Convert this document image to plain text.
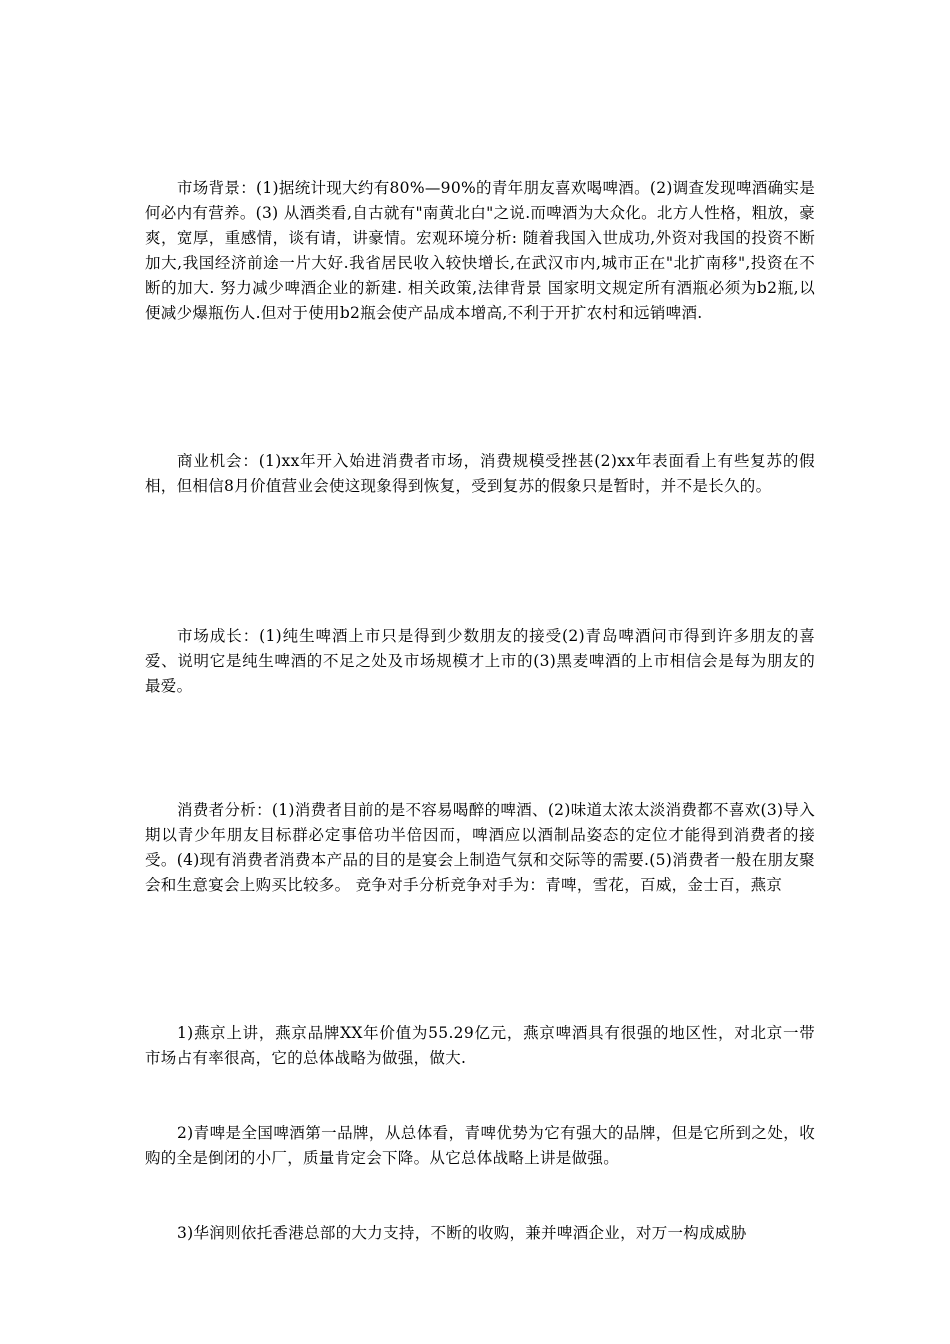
市场背景：(1)据统计现大约有80%—90%的青年朋友喜欢喝啤酒。(2)调查发现啤酒确实是何必内有营养。(3) 从酒类看,自古就有"南黄北白"之说.而啤酒为大众化。北方人性格，粗放，豪爽，宽厚，重感情，谈有请，讲豪情。宏观环境分析: 随着我国入世成功,外资对我国的投资不断加大,我国经济前途一片大好.我省居民收入较快增长,在武汉市内,城市正在"北扩南移",投资在不断的加大. 努力减少啤酒企业的新建. 相关政策,法律背景 国家明文规定所有酒瓶必须为b2瓶,以便减少爆瓶伤人.但对于使用b2瓶会使产品成本增高,不利于开扩农村和远销啤酒.

商业机会：(1)xx年开入始进消费者市场，消费规模受挫甚(2)xx年表面看上有些复苏的假相，但相信8月价值营业会使这现象得到恢复，受到复苏的假象只是暂时，并不是长久的。

市场成长：(1)纯生啤酒上市只是得到少数朋友的接受(2)青岛啤酒问市得到许多朋友的喜爱、说明它是纯生啤酒的不足之处及市场规模才上市的(3)黑麦啤酒的上市相信会是每为朋友的最爱。

消费者分析：(1)消费者目前的是不容易喝醉的啤酒、(2)味道太浓太淡消费都不喜欢(3)导入期以青少年朋友目标群必定事倍功半倍因而，啤酒应以酒制品姿态的定位才能得到消费者的接受。(4)现有消费者消费本产品的目的是宴会上制造气氛和交际等的需要.(5)消费者一般在朋友聚会和生意宴会上购买比较多。 竞争对手分析竞争对手为：青啤，雪花，百威，金士百，燕京

1)燕京上讲，燕京品牌XX年价值为55.29亿元，燕京啤酒具有很强的地区性，对北京一带市场占有率很高，它的总体战略为做强，做大.

2)青啤是全国啤酒第一品牌，从总体看，青啤优势为它有强大的品牌，但是它所到之处，收购的全是倒闭的小厂，质量肯定会下降。从它总体战略上讲是做强。

3)华润则依托香港总部的大力支持，不断的收购，兼并啤酒企业，对万一构成威胁
